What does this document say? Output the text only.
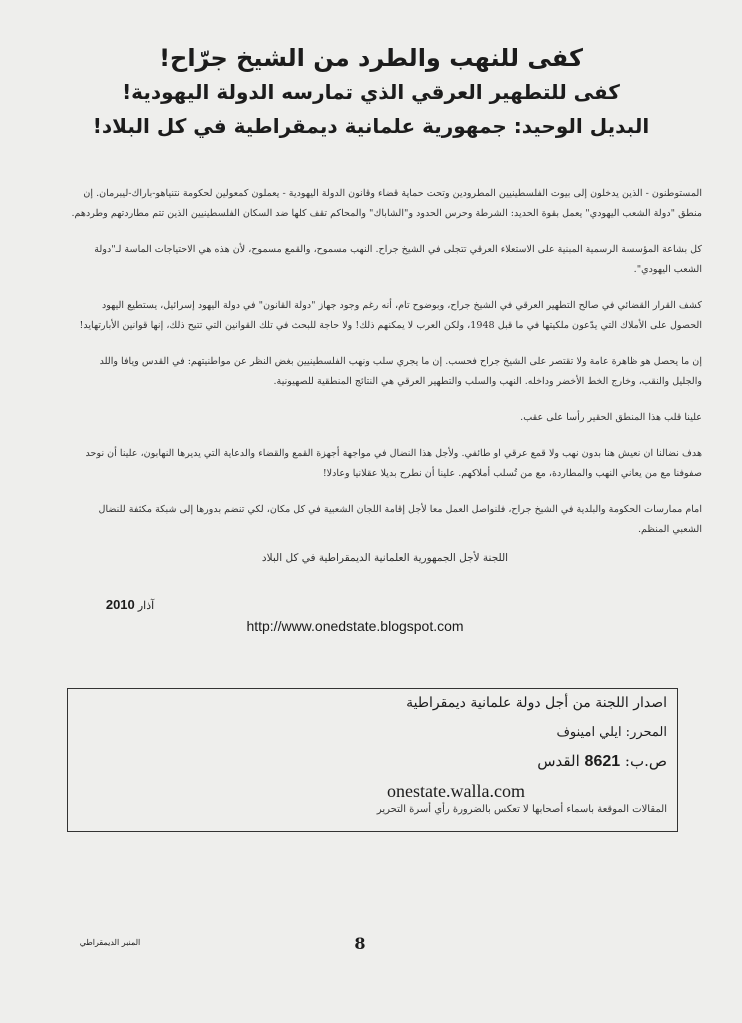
كفى للنهب والطرد من الشيخ جرّاح!
كفى للتطهير العرقي الذي تمارسه الدولة اليهودية!
البديل الوحيد: جمهورية علمانية ديمقراطية في كل البلاد!

المستوطنون - الذين يدخلون إلى بيوت الفلسطينيين المطرودين وتحت حماية قضاء وقانون الدولة اليهودية - يعملون كمعولين لحكومة نتنياهو-باراك-ليبرمان. إن منطق "دولة الشعب اليهودي" يعمل بقوة الحديد: الشرطة وحرس الحدود و"الشاباك" والمحاكم تقف كلها ضد السكان الفلسطينيين الذين تتم مطاردتهم وطردهم.

كل بشاعة المؤسسة الرسمية المبنية على الاستعلاء العرقي تتجلى في الشيخ جراح. النهب مسموح، والقمع مسموح، لأن هذه هي الاحتياجات الماسة لـ"دولة الشعب اليهودي".

كشف القرار القضائي في صالح التطهير العرقي في الشيخ جراح، وبوضوح تام، أنه رغم وجود جهاز "دولة القانون" في دولة اليهود إسرائيل، يستطيع اليهود الحصول على الأملاك التي يدّعون ملكيتها في ما قبل 1948، ولكن العرب لا يمكنهم ذلك! ولا حاجة للبحث في تلك القوانين التي تتيح ذلك، إنها قوانين الأبارتهايد!

إن ما يحصل هو ظاهرة عامة ولا تقتصر على الشيخ جراح فحسب. إن ما يجري سلب ونهب الفلسطينيين بغض النظر عن مواطنيتهم: في القدس ويافا واللد والجليل والنقب، وخارج الخط الأخضر وداخله. النهب والسلب والتطهير العرقي هي النتائج المنطقية للصهيونية.

علينا قلب هذا المنطق الحقير رأسا على عقب.

هدف نضالنا ان نعيش هنا بدون نهب ولا قمع عرقي او طائفي. ولأجل هذا النضال في مواجهة أجهزة القمع والقضاء والدعاية التي يديرها النهابون، علينا أن نوحد صفوفنا مع من يعاني النهب والمطاردة، مع من تُسلب أملاكهم. علينا أن نطرح بديلا عقلانيا وعادلا!

امام ممارسات الحكومة والبلدية في الشيخ جراح، فلنواصل العمل معا لأجل إقامة اللجان الشعبية في كل مكان، لكي تنضم بدورها إلى شبكة مكثفة للنضال الشعبي المنظم.

اللجنة لأجل الجمهورية العلمانية الديمقراطية في كل البلاد
آذار 2010
http://www.onedstate.blogspot.com
اصدار اللجنة من أجل دولة علمانية ديمقراطية
المحرر: ايلي امينوف
ص.ب: 8621 القدس
onestate.walla.com
المقالات الموقعة باسماء أصحابها لا تعكس بالضرورة رأي أسرة التحرير
المنبر الديمقراطي	8
